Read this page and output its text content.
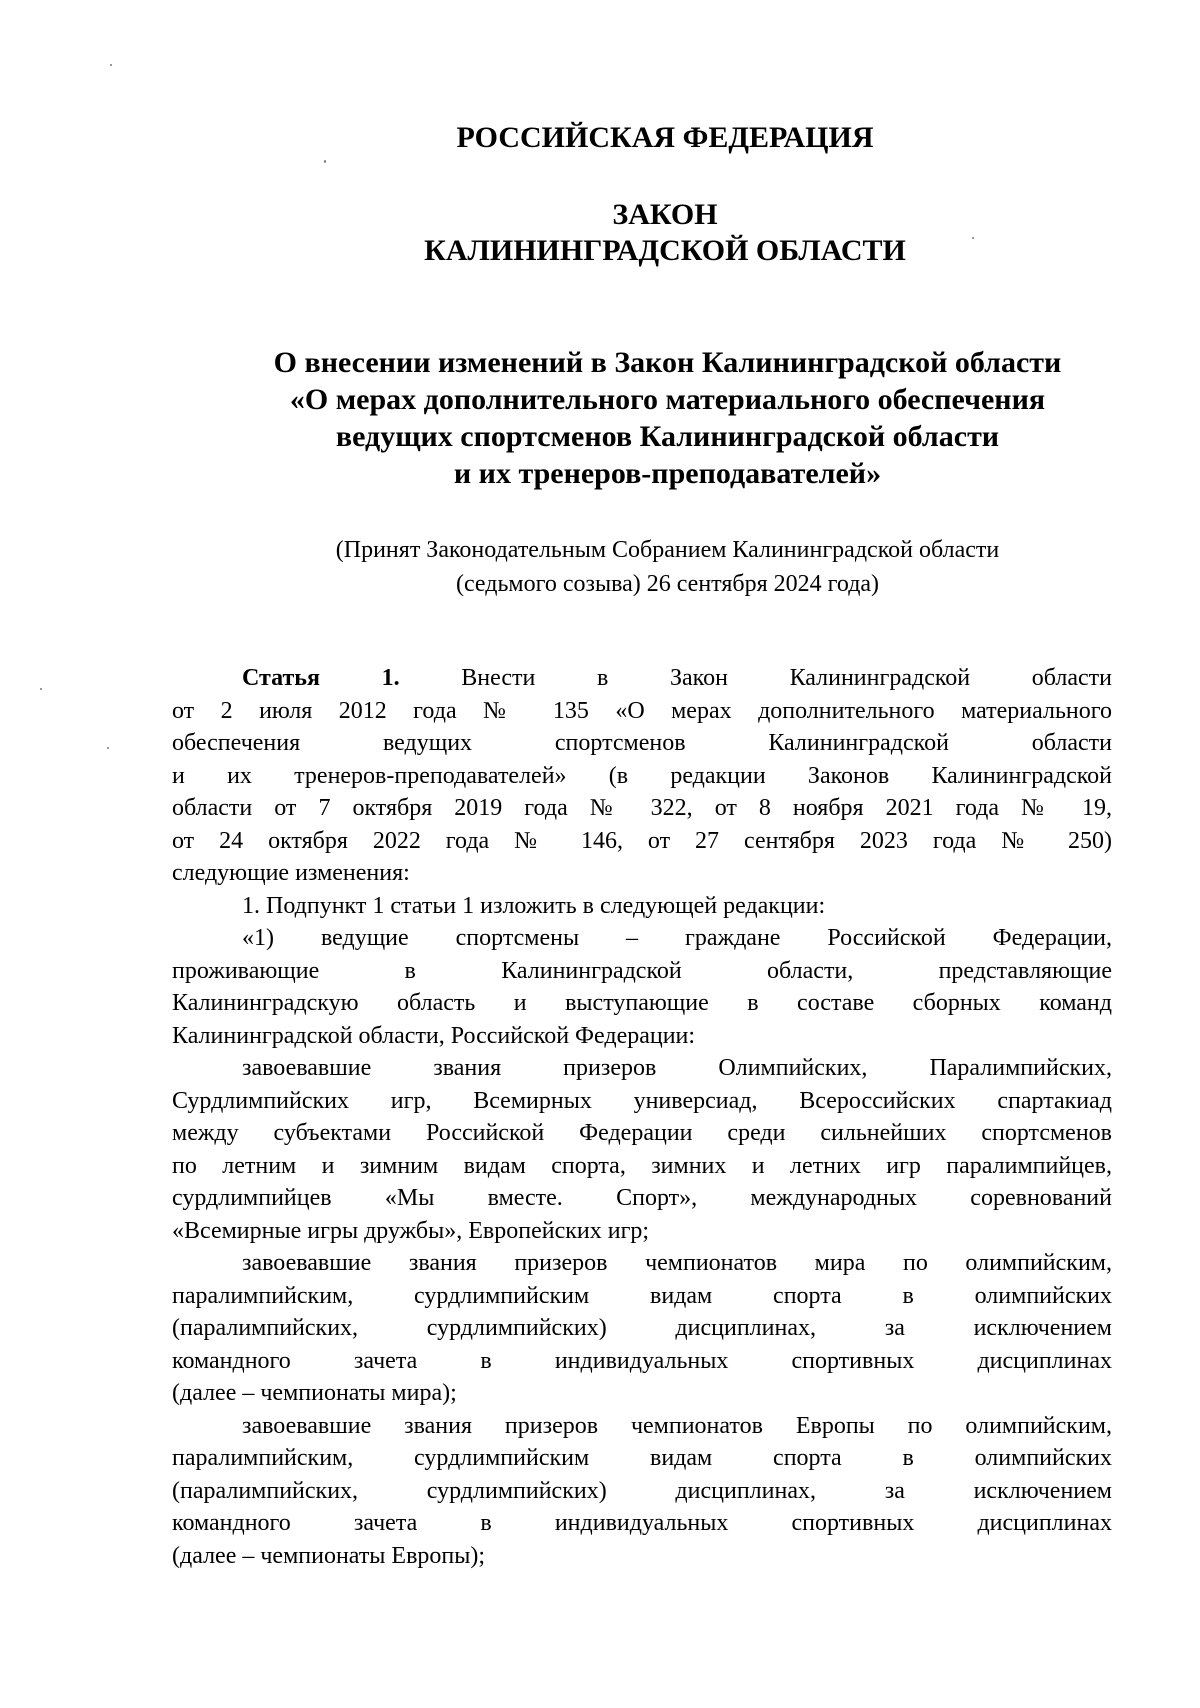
РОССИЙСКАЯ ФЕДЕРАЦИЯ
ЗАКОН
КАЛИНИНГРАДСКОЙ ОБЛАСТИ
О внесении изменений в Закон Калининградской области
«О мерах дополнительного материального обеспечения
ведущих спортсменов Калининградской области
и их тренеров-преподавателей»
(Принят Законодательным Собранием Калининградской области
(седьмого созыва) 26 сентября 2024 года)
Статья 1.	Внести в Закон Калининградской области
от 2 июля 2012 года № 135 «О мерах дополнительного материального
обеспечения ведущих спортсменов Калининградской области
и их тренеров-преподавателей» (в редакции Законов Калининградской
области от 7 октября 2019 года № 322, от 8 ноября 2021 года № 19,
от 24 октября 2022 года № 146, от 27 сентября 2023 года № 250)
следующие изменения:
1. Подпункт 1 статьи 1 изложить в следующей редакции:
«1) ведущие спортсмены – граждане Российской Федерации,
проживающие в Калининградской области, представляющие
Калининградскую область и выступающие в составе сборных команд
Калининградской области, Российской Федерации:
завоевавшие звания призеров Олимпийских, Паралимпийских,
Сурдлимпийских игр, Всемирных универсиад, Всероссийских спартакиад
между субъектами Российской Федерации среди сильнейших спортсменов
по летним и зимним видам спорта, зимних и летних игр паралимпийцев,
сурдлимпийцев «Мы вместе. Спорт», международных соревнований
«Всемирные игры дружбы», Европейских игр;
завоевавшие звания призеров чемпионатов мира по олимпийским,
паралимпийским, сурдлимпийским видам спорта в олимпийских
(паралимпийских, сурдлимпийских) дисциплинах, за исключением
командного зачета в индивидуальных спортивных дисциплинах
(далее – чемпионаты мира);
завоевавшие звания призеров чемпионатов Европы по олимпийским,
паралимпийским, сурдлимпийским видам спорта в олимпийских
(паралимпийских, сурдлимпийских) дисциплинах, за исключением
командного зачета в индивидуальных спортивных дисциплинах
(далее – чемпионаты Европы);
